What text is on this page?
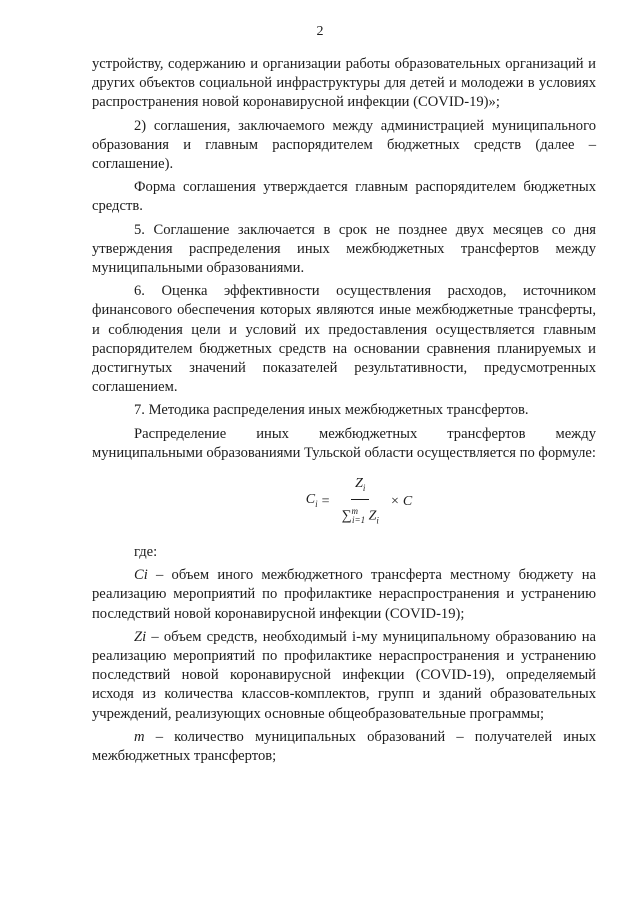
2

устройству, содержанию и организации работы образовательных организаций и других объектов социальной инфраструктуры для детей и молодежи в условиях распространения новой коронавирусной инфекции (COVID-19)»;

2) соглашения, заключаемого между администрацией муниципального образования и главным распорядителем бюджетных средств (далее – соглашение).

Форма соглашения утверждается главным распорядителем бюджетных средств.

5. Соглашение заключается в срок не позднее двух месяцев со дня утверждения распределения иных межбюджетных трансфертов между муниципальными образованиями.

6. Оценка эффективности осуществления расходов, источником финансового обеспечения которых являются иные межбюджетные трансферты, и соблюдения цели и условий их предоставления осуществляется главным распорядителем бюджетных средств на основании сравнения планируемых и достигнутых значений показателей результативности, предусмотренных соглашением.

7. Методика распределения иных межбюджетных трансфертов.

Распределение иных межбюджетных трансфертов между муниципальными образованиями Тульской области осуществляется по формуле:

$C_i = \frac{Z_i}{\sum^m_{i=1} Z_i} \times C$

где:

Ci – объем иного межбюджетного трансферта местному бюджету на реализацию мероприятий по профилактике нераспространения и устранению последствий новой коронавирусной инфекции (COVID-19);

Zi – объем средств, необходимый i-му муниципальному образованию на реализацию мероприятий по профилактике нераспространения и устранению последствий новой коронавирусной инфекции (COVID-19), определяемый исходя из количества классов-комплектов, групп и зданий образовательных учреждений, реализующих основные общеобразовательные программы;

m – количество муниципальных образований – получателей иных межбюджетных трансфертов;
